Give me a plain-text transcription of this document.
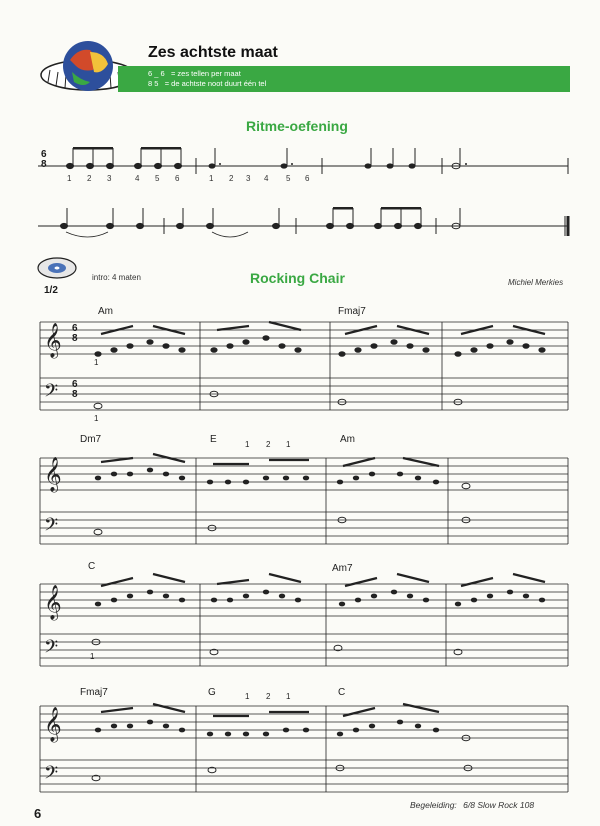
Zes achtste maat
6 _ 6 = zes tellen per maat
8 5 = de achtste noot duurt één tel
Ritme-oefening
𝄞
𝄞
𝄞
𝄞
𝄢
𝄢
𝄢
𝄢
6
8
6
8
6
8
1 2 3	4 5 6	1 2 3 4 5 6
1/2
intro: 4 maten	Rocking Chair	Michiel Merkies
Am	Fmaj7
Dm7	E	Am
C	Am7
Fmaj7	G	C
1 2 1
1 2 1
1
1
1
6
Begeleiding: 6/8 Slow Rock 108
